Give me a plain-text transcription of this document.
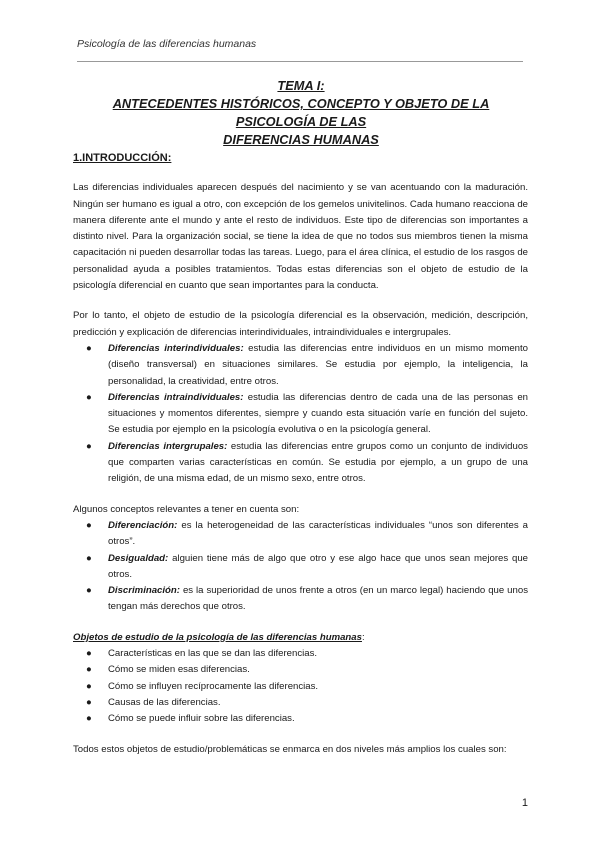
Psicología de las diferencias humanas
TEMA I:
ANTECEDENTES HISTÓRICOS, CONCEPTO Y OBJETO DE LA PSICOLOGÍA DE LAS
DIFERENCIAS HUMANAS
1.INTRODUCCIÓN:

Las diferencias individuales aparecen después del nacimiento y se van acentuando con la maduración. Ningún ser humano es igual a otro, con excepción de los gemelos univitelinos. Cada humano reacciona de manera diferente ante el mundo y ante el resto de individuos. Este tipo de diferencias son importantes a distinto nivel. Para la organización social, se tiene la idea de que no todos sus miembros tienen la misma capacitación ni pueden desarrollar todas las tareas. Luego, para el área clínica, el estudio de los rasgos de personalidad ayuda a posibles tratamientos. Todas estas diferencias son el objeto de estudio de la psicología diferencial en cuanto que sean importantes para la conducta.

Por lo tanto, el objeto de estudio de la psicología diferencial es la observación, medición, descripción, predicción y explicación de diferencias interindividuales, intraindividuales e intergrupales.

● Diferencias interindividuales: estudia las diferencias entre individuos en un mismo momento (diseño transversal) en situaciones similares. Se estudia por ejemplo, la inteligencia, la personalidad, la creatividad, entre otros.
● Diferencias intraindividuales: estudia las diferencias dentro de cada una de las personas en situaciones y momentos diferentes, siempre y cuando esta situación varíe en función del sujeto. Se estudia por ejemplo en la psicología evolutiva o en la psicología general.
● Diferencias intergrupales: estudia las diferencias entre grupos como un conjunto de individuos que comparten varias características en común. Se estudia por ejemplo, a un grupo de una religión, de una misma edad, de un mismo sexo, entre otros.

Algunos conceptos relevantes a tener en cuenta son:

● Diferenciación: es la heterogeneidad de las características individuales “unos son diferentes a otros”.
● Desigualdad: alguien tiene más de algo que otro y ese algo hace que unos sean mejores que otros.
● Discriminación: es la superioridad de unos frente a otros (en un marco legal) haciendo que unos tengan más derechos que otros.

Objetos de estudio de la psicología de las diferencias humanas:

● Características en las que se dan las diferencias.
● Cómo se miden esas diferencias.
● Cómo se influyen recíprocamente las diferencias.
● Causas de las diferencias.
● Cómo se puede influir sobre las diferencias.

Todos estos objetos de estudio/problemáticas se enmarca en dos niveles más amplios los cuales son:

1
